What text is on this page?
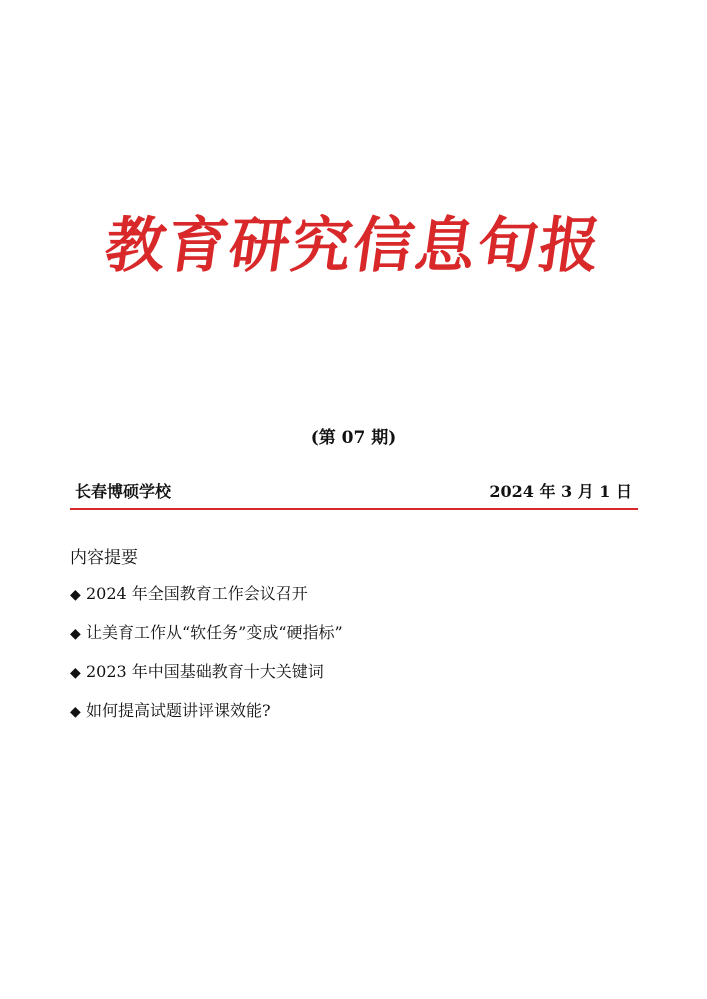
教育研究信息旬报
(第 07 期)
长春博硕学校	2024 年 3 月 1 日
内容提要
◆ 2024 年全国教育工作会议召开
◆ 让美育工作从“软任务”变成“硬指标”
◆ 2023 年中国基础教育十大关键词
◆ 如何提高试题讲评课效能?
